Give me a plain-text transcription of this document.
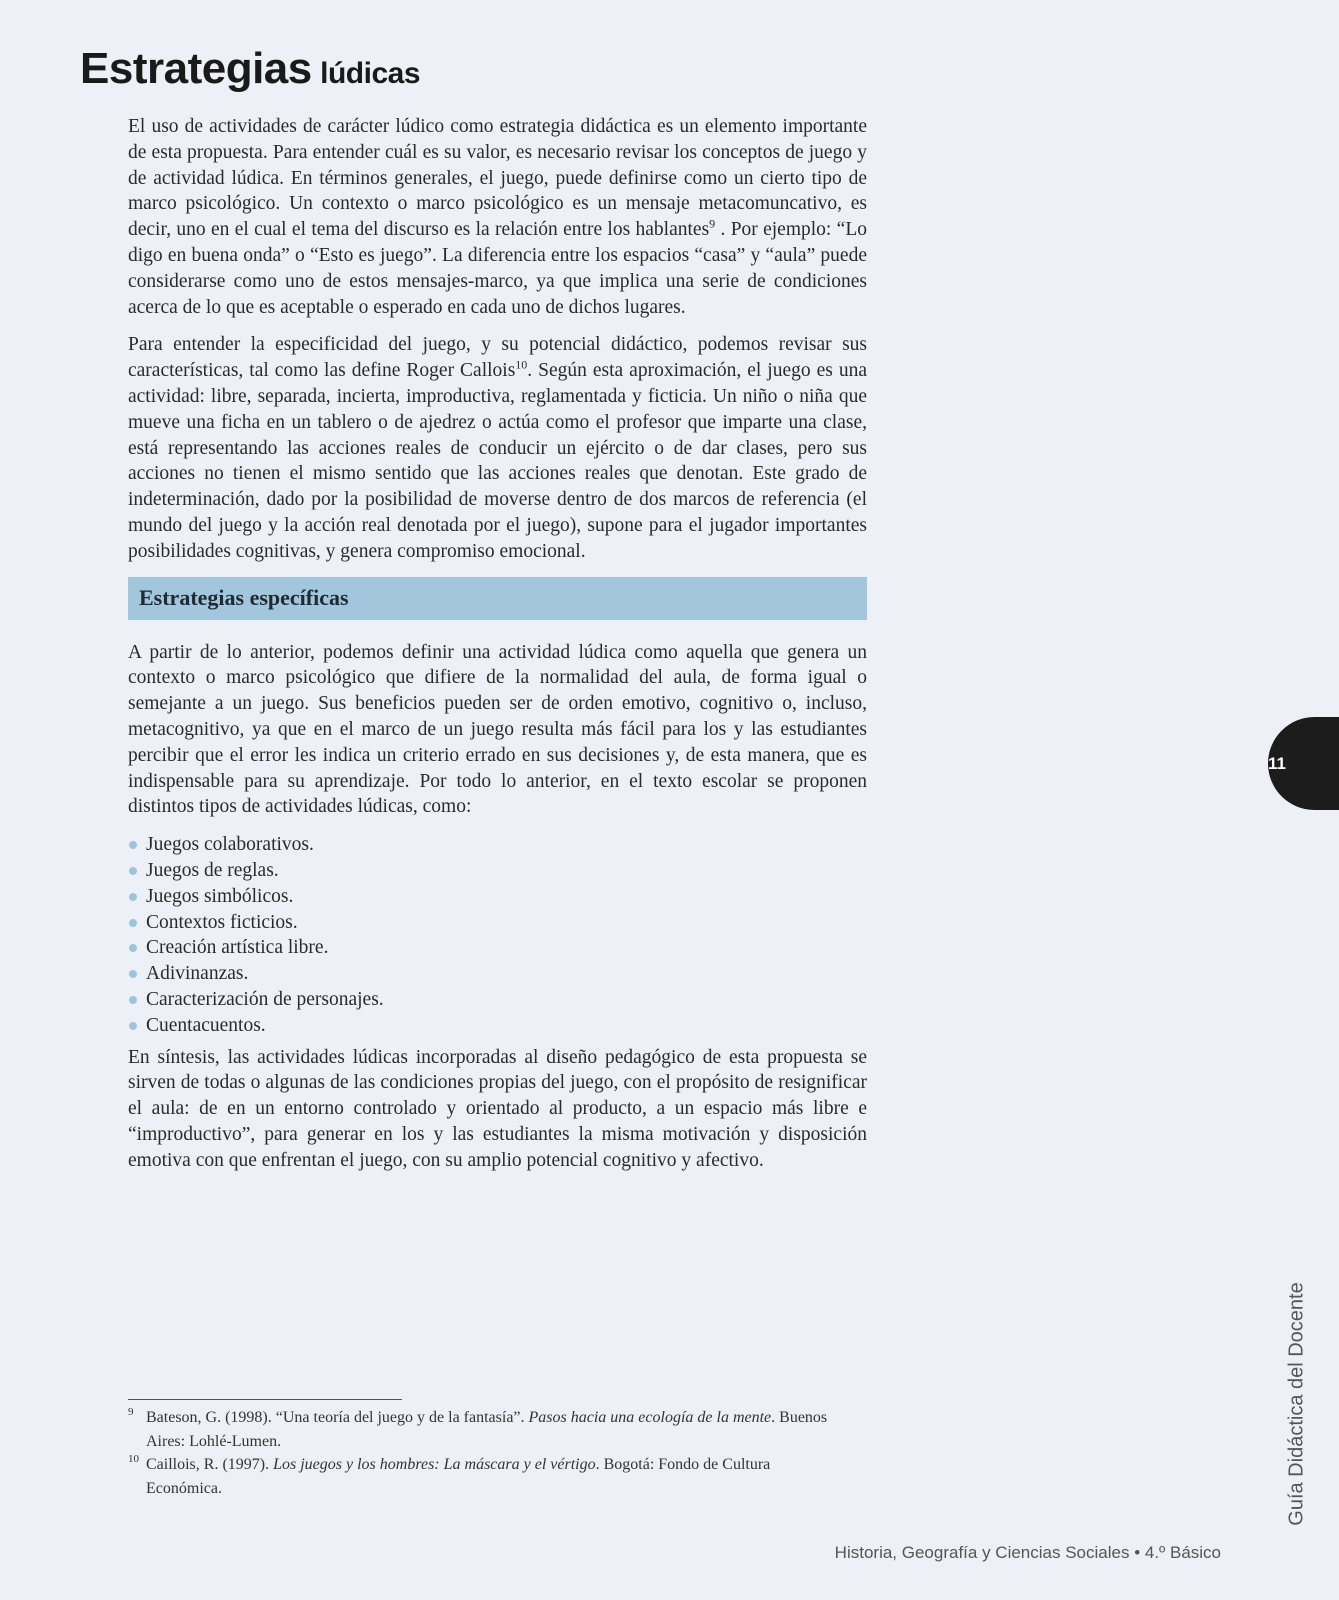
Estrategias lúdicas

El uso de actividades de carácter lúdico como estrategia didáctica es un elemento importante de esta propuesta. Para entender cuál es su valor, es necesario revisar los conceptos de juego y de actividad lúdica. En términos generales, el juego, puede definirse como un cierto tipo de marco psicológico. Un contexto o marco psicológico es un mensaje metacomuncativo, es decir, uno en el cual el tema del discurso es la relación entre los hablantes$^9$ . Por ejemplo: “Lo digo en buena onda” o “Esto es juego”. La diferencia entre los espacios “casa” y “aula” puede considerarse como uno de estos mensajes-marco, ya que implica una serie de condiciones acerca de lo que es aceptable o esperado en cada uno de dichos lugares.

Para entender la especificidad del juego, y su potencial didáctico, podemos revisar sus características, tal como las define Roger Callois$^{10}$. Según esta aproximación, el juego es una actividad: libre, separada, incierta, improductiva, reglamentada y ficticia. Un niño o niña que mueve una ficha en un tablero o de ajedrez o actúa como el profesor que imparte una clase, está representando las acciones reales de conducir un ejército o de dar clases, pero sus acciones no tienen el mismo sentido que las acciones reales que denotan. Este grado de indeterminación, dado por la posibilidad de moverse dentro de dos marcos de referencia (el mundo del juego y la acción real denotada por el juego), supone para el jugador importantes posibilidades cognitivas, y genera compromiso emocional.

Estrategias específicas

A partir de lo anterior, podemos definir una actividad lúdica como aquella que genera un contexto o marco psicológico que difiere de la normalidad del aula, de forma igual o semejante a un juego. Sus beneficios pueden ser de orden emotivo, cognitivo o, incluso, metacognitivo, ya que en el marco de un juego resulta más fácil para los y las estudiantes percibir que el error les indica un criterio errado en sus decisiones y, de esta manera, que es indispensable para su aprendizaje. Por todo lo anterior, en el texto escolar se proponen distintos tipos de actividades lúdicas, como:

Juegos colaborativos.
Juegos de reglas.
Juegos simbólicos.
Contextos ficticios.
Creación artística libre.
Adivinanzas.
Caracterización de personajes.
Cuentacuentos.

En síntesis, las actividades lúdicas incorporadas al diseño pedagógico de esta propuesta se sirven de todas o algunas de las condiciones propias del juego, con el propósito de resignificar el aula: de en un entorno controlado y orientado al producto, a un espacio más libre e “improductivo”, para generar en los y las estudiantes la misma motivación y disposición emotiva con que enfrentan el juego, con su amplio potencial cognitivo y afectivo.

9 Bateson, G. (1998). “Una teoría del juego y de la fantasía”. Pasos hacia una ecología de la mente. Buenos Aires: Lohlé-Lumen.
10 Caillois, R. (1997). Los juegos y los hombres: La máscara y el vértigo. Bogotá: Fondo de Cultura Económica.
11
Guía Didáctica del Docente
Historia, Geografía y Ciencias Sociales • 4.º Básico
